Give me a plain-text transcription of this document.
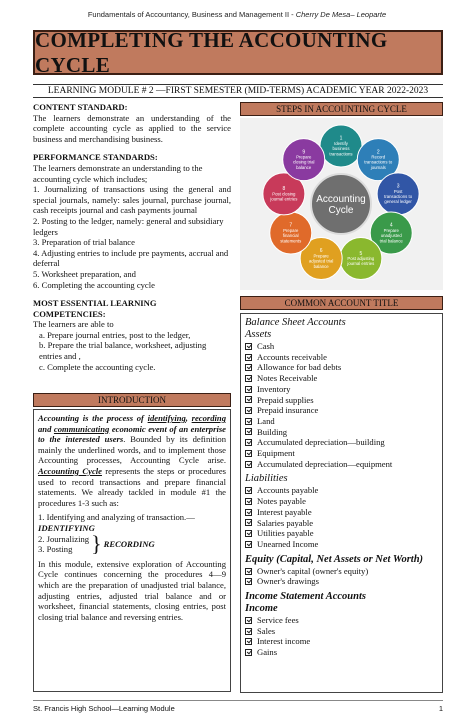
Fundamentals of Accountancy, Business and Management II - Cherry De Mesa– Leoparte
COMPLETING THE ACCOUNTING CYCLE
LEARNING MODULE # 2 —FIRST SEMESTER (MID-TERMS) ACADEMIC YEAR 2022-2023

CONTENT STANDARD:

The learners demonstrate an understanding of the complete accounting cycle as applied to the service business and merchandising business.

PERFORMANCE STANDARDS:

The learners demonstrate an understanding to the accounting cycle which includes;

1. Journalizing of transactions using the general and special journals, namely: sales journal, purchase journal, cash receipts journal and cash payments journal

2. Posting to the ledger, namely: general and subsidiary ledgers

3. Preparation of trial balance

4. Adjusting entries to include pre payments, accrual and deferral

5. Worksheet preparation, and

6. Completing the accounting cycle

MOST ESSENTIAL LEARNING COMPETENCIES:

The learners are able to

a. Prepare journal entries, post to the ledger,

b. Prepare the trial balance, worksheet, adjusting entries and ,

c. Complete the accounting cycle.

STEPS IN ACCOUNTING CYCLE
1
Identify
business
transactions	2
Record
transactions to
journals
3
Post
transactions to
general ledger
4
Prepare
unadjusted
trial balance
5
Post adjusting
journal entries
6
Prepare
adjusted trial
balance
7
Prepare
financial
statements
8
Post closing
journal entries
9
Prepare
closing trial
balance
Accounting
Cycle
COMMON ACCOUNT TITLE
Balance Sheet Accounts
Assets
Cash
Accounts receivable
Allowance for bad debts
Notes Receivable
Inventory
Prepaid supplies
Prepaid insurance
Land
Building
Accumulated depreciation—building
Equipment
Accumulated depreciation—equipment
Liabilities
Accounts payable
Notes payable
Interest payable
Salaries payable
Utilities payable
Unearned Income
Equity (Capital, Net Assets or Net Worth)
Owner's capital (owner's equity)
Owner's drawings
Income Statement Accounts
Income
Service fees
Sales
Interest income
Gains
INTRODUCTION

Accounting is the process of identifying, recording and communicating economic event of an enterprise to the interested users. Bounded by its definition mainly the underlined words, and to implement those Accounting processes, Accounting Cycle arise. Accounting Cycle represents the steps or procedures used to record transactions and prepare financial statements. We already tackled in module #1 the procedures 1-3 such as:

1. Identifying and analyzing of transaction.—

IDENTIFYING

2. Journalizing

3. Posting } RECORDING

In this module, extensive exploration of Accounting Cycle continues concerning the procedures 4—9 which are the preparation of unadjusted trial balance, adjusting entries, adjusted trial balance and or worksheet, financial statements, closing entries, post closing trial balance and reversing entries.

St. Francis High School—Learning Module	1
